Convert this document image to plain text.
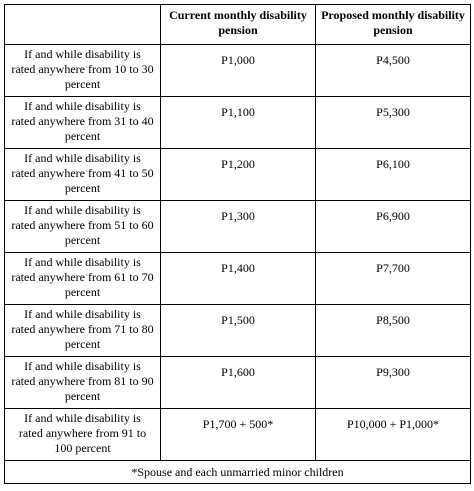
	Current monthly disability pension	Proposed monthly disability pension
If and while disability is rated anywhere from 10 to 30 percent	P1,000	P4,500
If and while disability is rated anywhere from 31 to 40 percent	P1,100	P5,300
If and while disability is rated anywhere from 41 to 50 percent	P1,200	P6,100
If and while disability is rated anywhere from 51 to 60 percent	P1,300	P6,900
If and while disability is rated anywhere from 61 to 70 percent	P1,400	P7,700
If and while disability is rated anywhere from 71 to 80 percent	P1,500	P8,500
If and while disability is rated anywhere from 81 to 90 percent	P1,600	P9,300
If and while disability is rated anywhere from 91 to 100 percent	P1,700 + 500*	P10,000 + P1,000*
*Spouse and each unmarried minor children		
